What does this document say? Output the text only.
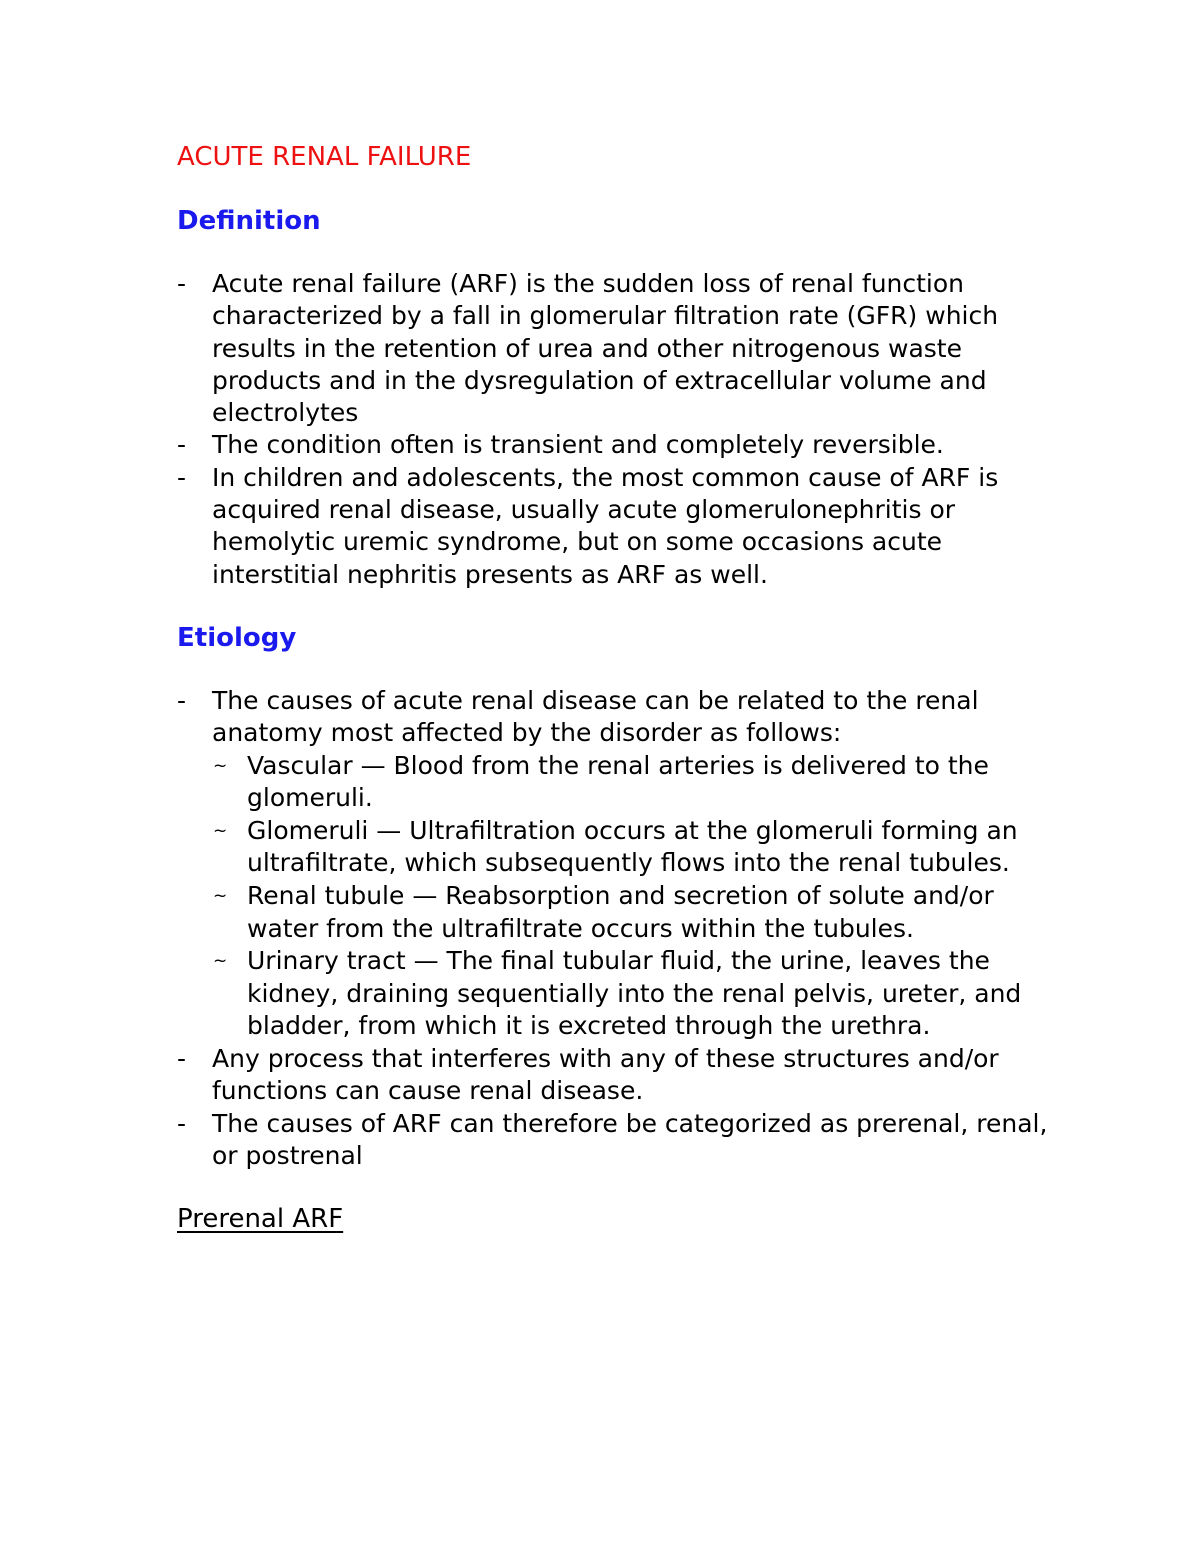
ACUTE RENAL FAILURE
Definition
- Acute renal failure (ARF) is the sudden loss of renal function characterized by a fall in glomerular filtration rate (GFR) which results in the retention of urea and other nitrogenous waste products and in the dysregulation of extracellular volume and electrolytes
- The condition often is transient and completely reversible.
- In children and adolescents, the most common cause of ARF is acquired renal disease, usually acute glomerulonephritis or hemolytic uremic syndrome, but on some occasions acute interstitial nephritis presents as ARF as well.
Etiology
- The causes of acute renal disease can be related to the renal anatomy most affected by the disorder as follows:
~ Vascular — Blood from the renal arteries is delivered to the glomeruli.
~ Glomeruli — Ultrafiltration occurs at the glomeruli forming an ultrafiltrate, which subsequently flows into the renal tubules.
~ Renal tubule — Reabsorption and secretion of solute and/or water from the ultrafiltrate occurs within the tubules.
~ Urinary tract — The final tubular fluid, the urine, leaves the kidney, draining sequentially into the renal pelvis, ureter, and bladder, from which it is excreted through the urethra.
- Any process that interferes with any of these structures and/or functions can cause renal disease.
- The causes of ARF can therefore be categorized as prerenal, renal, or postrenal
Prerenal ARF
